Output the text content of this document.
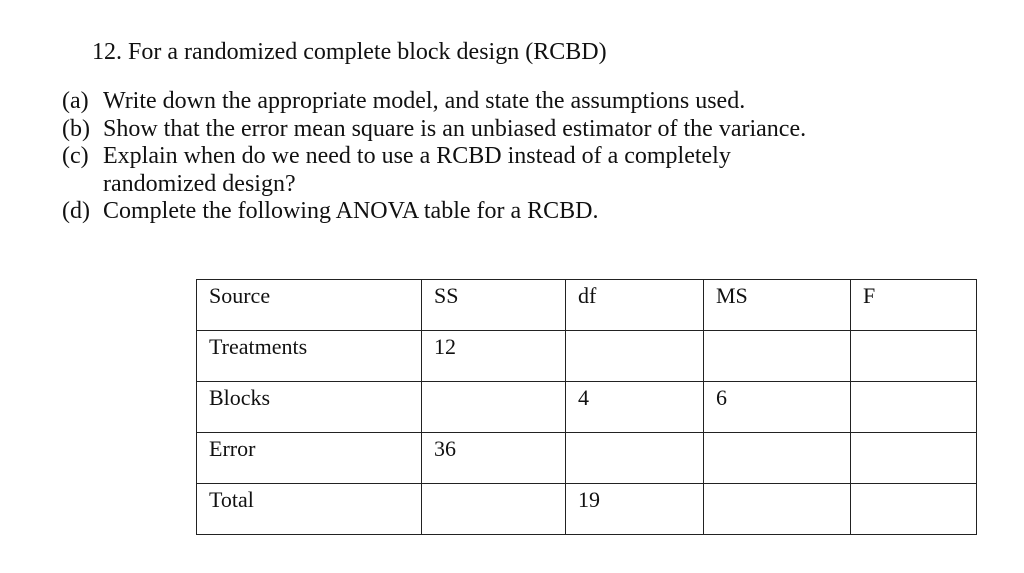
12. For a randomized complete block design (RCBD)
(a) Write down the appropriate model, and state the assumptions used.
(b) Show that the error mean square is an unbiased estimator of the variance.
(c) Explain when do we need to use a RCBD instead of a completely randomized design?
(d) Complete the following ANOVA table for a RCBD.
Source	SS	df	MS	F
Treatments	12			
Blocks		4	6	
Error	36			
Total		19		
